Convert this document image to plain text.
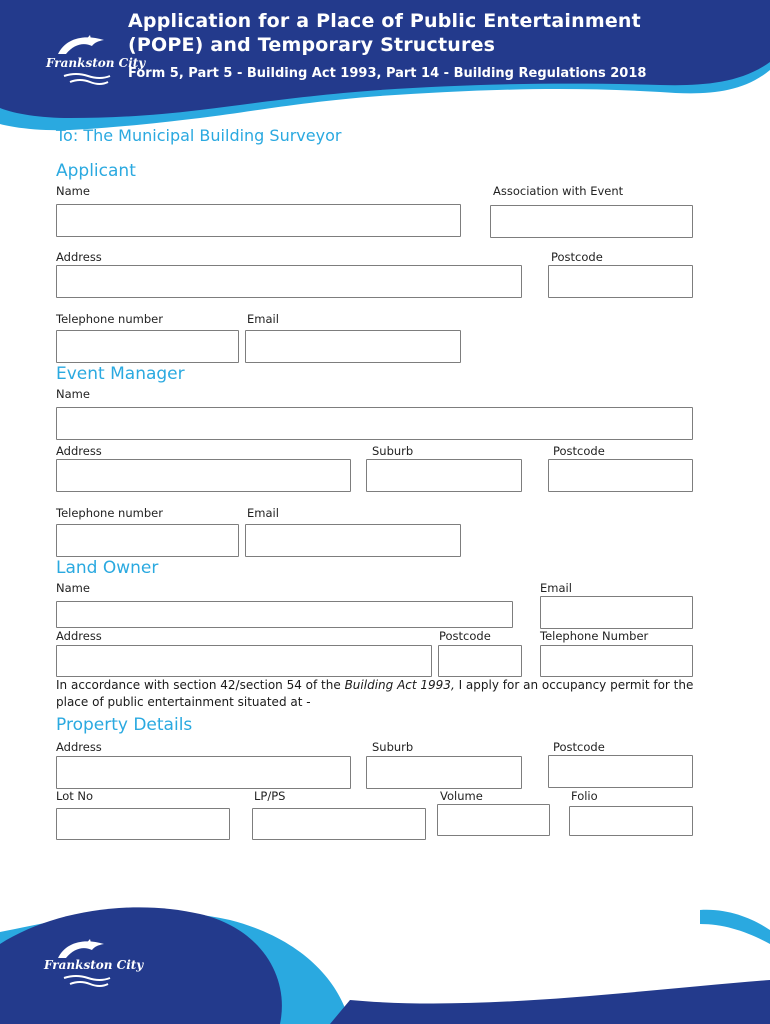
Frankston City
Application for a Place of Public Entertainment
(POPE) and Temporary Structures
Form 5, Part 5 - Building Act 1993, Part 14 - Building Regulations 2018
To: The Municipal Building Surveyor
Applicant
Name	Association with Event
Address	Postcode
Telephone number	Email
Event Manager
Name
Address	Suburb	Postcode
Telephone number	Email
Land Owner
Name	Email
Address	Postcode	Telephone Number
In accordance with section 42/section 54 of the Building Act 1993, I apply for an occupancy permit for the place of public entertainment situated at -
Property Details
Address	Suburb	Postcode
Lot No	LP/PS	Volume	Folio
Frankston City
